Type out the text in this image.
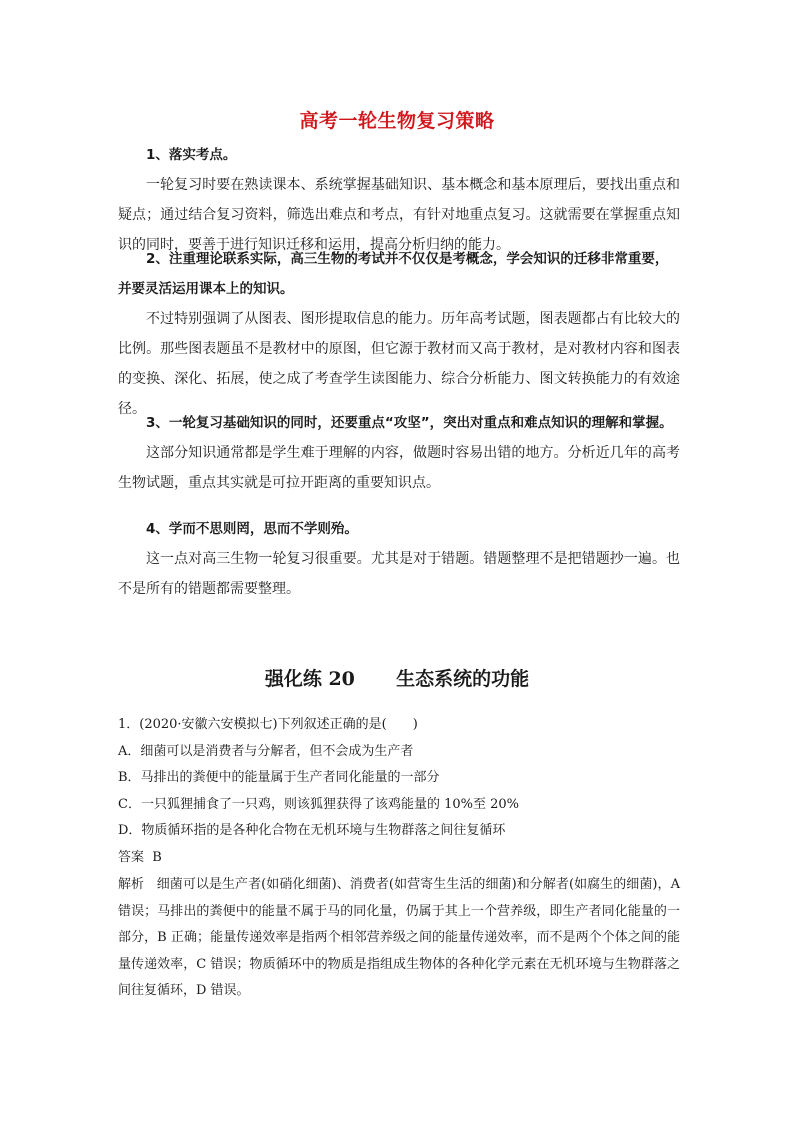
高考一轮生物复习策略
1、落实考点。
一轮复习时要在熟读课本、系统掌握基础知识、基本概念和基本原理后，要找出重点和疑点；通过结合复习资料，筛选出难点和考点，有针对地重点复习。这就需要在掌握重点知识的同时，要善于进行知识迁移和运用，提高分析归纳的能力。
2、注重理论联系实际，高三生物的考试并不仅仅是考概念，学会知识的迁移非常重要，并要灵活运用课本上的知识。
不过特别强调了从图表、图形提取信息的能力。历年高考试题，图表题都占有比较大的比例。那些图表题虽不是教材中的原图，但它源于教材而又高于教材，是对教材内容和图表的变换、深化、拓展，使之成了考查学生读图能力、综合分析能力、图文转换能力的有效途径。
3、一轮复习基础知识的同时，还要重点“攻坚”，突出对重点和难点知识的理解和掌握。
这部分知识通常都是学生难于理解的内容，做题时容易出错的地方。分析近几年的高考生物试题，重点其实就是可拉开距离的重要知识点。
4、学而不思则罔，思而不学则殆。
这一点对高三生物一轮复习很重要。尤其是对于错题。错题整理不是把错题抄一遍。也不是所有的错题都需要整理。
强化练 20 生态系统的功能
1．(2020·安徽六安模拟七)下列叙述正确的是(　　)
A．细菌可以是消费者与分解者，但不会成为生产者
B．马排出的粪便中的能量属于生产者同化能量的一部分
C．一只狐狸捕食了一只鸡，则该狐狸获得了该鸡能量的 10%至 20%
D．物质循环指的是各种化合物在无机环境与生物群落之间往复循环
答案 B
解析 细菌可以是生产者(如硝化细菌)、消费者(如营寄生生活的细菌)和分解者(如腐生的细菌)，A 错误；马排出的粪便中的能量不属于马的同化量，仍属于其上一个营养级，即生产者同化能量的一部分，B 正确；能量传递效率是指两个相邻营养级之间的能量传递效率，而不是两个个体之间的能量传递效率，C 错误；物质循环中的物质是指组成生物体的各种化学元素在无机环境与生物群落之间往复循环，D 错误。
